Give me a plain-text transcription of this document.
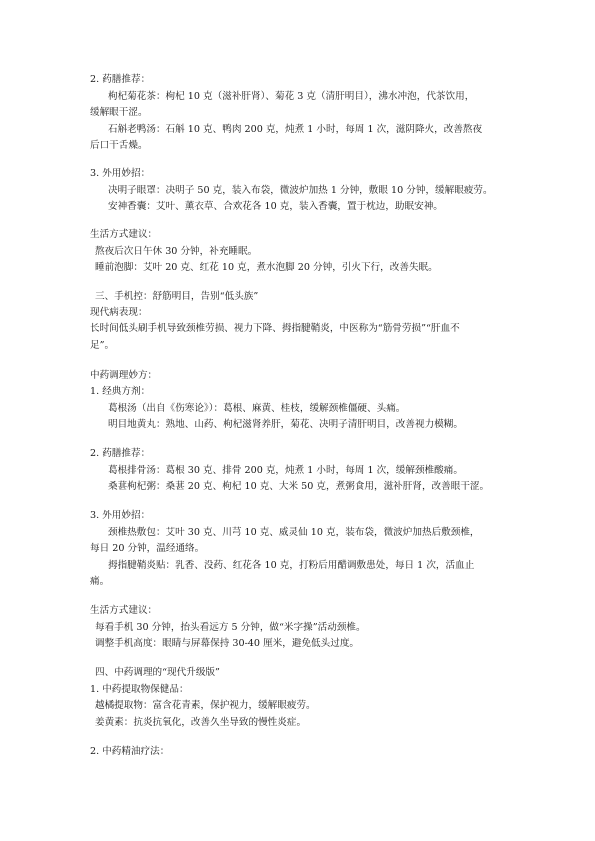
2. 药膳推荐：
枸杞菊花茶：枸杞 10 克（滋补肝肾）、菊花 3 克（清肝明目），沸水冲泡，代茶饮用，
缓解眼干涩。
石斛老鸭汤：石斛 10 克、鸭肉 200 克，炖煮 1 小时，每周 1 次，滋阴降火，改善熬夜
后口干舌燥。
3. 外用妙招：
决明子眼罩：决明子 50 克，装入布袋，微波炉加热 1 分钟，敷眼 10 分钟，缓解眼疲劳。
安神香囊：艾叶、薰衣草、合欢花各 10 克，装入香囊，置于枕边，助眠安神。
生活方式建议：
熬夜后次日午休 30 分钟，补充睡眠。
睡前泡脚：艾叶 20 克、红花 10 克，煮水泡脚 20 分钟，引火下行，改善失眠。
三、手机控：舒筋明目，告别“低头族”
现代病表现：
长时间低头刷手机导致颈椎劳损、视力下降、拇指腱鞘炎，中医称为“筋骨劳损”“肝血不
足”。
中药调理妙方：
1. 经典方剂：
葛根汤（出自《伤寒论》）：葛根、麻黄、桂枝，缓解颈椎僵硬、头痛。
明目地黄丸：熟地、山药、枸杞滋肾养肝，菊花、决明子清肝明目，改善视力模糊。
2. 药膳推荐：
葛根排骨汤：葛根 30 克、排骨 200 克，炖煮 1 小时，每周 1 次，缓解颈椎酸痛。
桑葚枸杞粥：桑葚 20 克、枸杞 10 克、大米 50 克，煮粥食用，滋补肝肾，改善眼干涩。
3. 外用妙招：
颈椎热敷包：艾叶 30 克、川芎 10 克、威灵仙 10 克，装布袋，微波炉加热后敷颈椎，
每日 20 分钟，温经通络。
拇指腱鞘炎贴：乳香、没药、红花各 10 克，打粉后用醋调敷患处，每日 1 次，活血止
痛。
生活方式建议：
每看手机 30 分钟，抬头看远方 5 分钟，做“米字操”活动颈椎。
调整手机高度：眼睛与屏幕保持 30-40 厘米，避免低头过度。
四、中药调理的“现代升级版”
1. 中药提取物保健品：
越橘提取物：富含花青素，保护视力，缓解眼疲劳。
姜黄素：抗炎抗氧化，改善久坐导致的慢性炎症。
2. 中药精油疗法：
